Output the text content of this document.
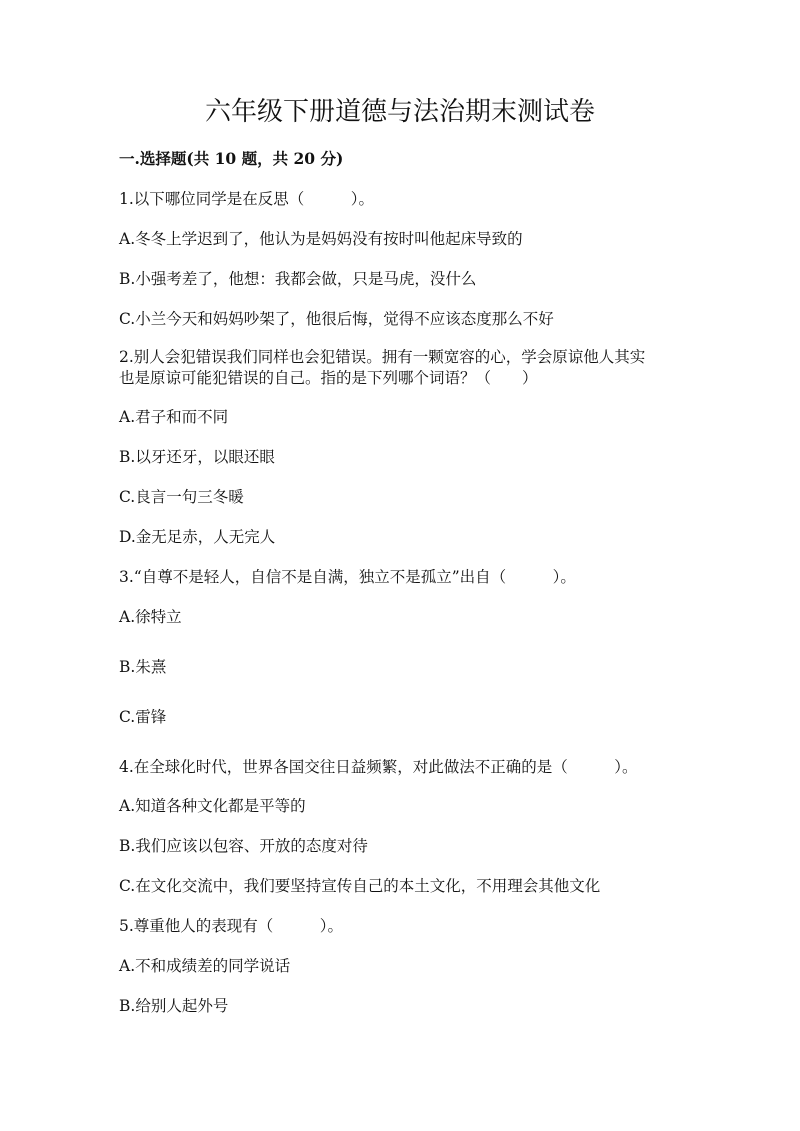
六年级下册道德与法治期末测试卷
一.选择题(共 10 题，共 20 分)
1.以下哪位同学是在反思（　　　）。
A.冬冬上学迟到了，他认为是妈妈没有按时叫他起床导致的
B.小强考差了，他想：我都会做，只是马虎，没什么
C.小兰今天和妈妈吵架了，他很后悔，觉得不应该态度那么不好
2.别人会犯错误我们同样也会犯错误。拥有一颗宽容的心，学会原谅他人其实
也是原谅可能犯错误的自己。指的是下列哪个词语？（　　）
A.君子和而不同
B.以牙还牙，以眼还眼
C.良言一句三冬暖
D.金无足赤，人无完人
3.“自尊不是轻人，自信不是自满，独立不是孤立”出自（　　　）。
A.徐特立
B.朱熹
C.雷锋
4.在全球化时代，世界各国交往日益频繁，对此做法不正确的是（　　　）。
A.知道各种文化都是平等的
B.我们应该以包容、开放的态度对待
C.在文化交流中，我们要坚持宣传自己的本土文化，不用理会其他文化
5.尊重他人的表现有（　　　）。
A.不和成绩差的同学说话
B.给别人起外号
